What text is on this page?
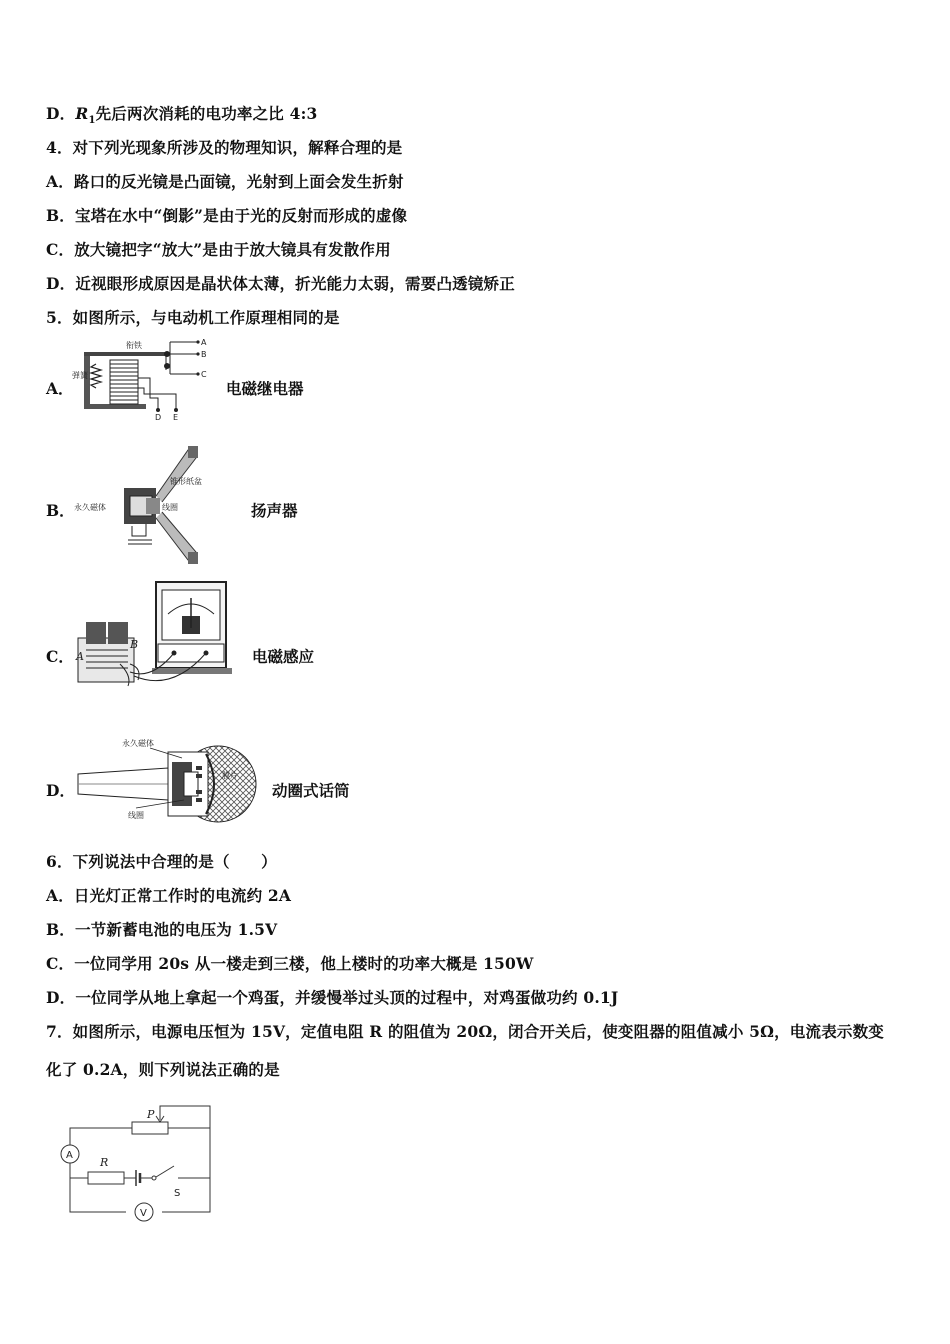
D．$R_1$先后两次消耗的电功率之比 4:3
4．对下列光现象所涉及的物理知识，解释合理的是
A．路口的反光镜是凸面镜，光射到上面会发生折射
B．宝塔在水中“倒影”是由于光的反射而形成的虚像
C．放大镜把字“放大”是由于放大镜具有发散作用
D．近视眼形成原因是晶状体太薄，折光能力太弱，需要凸透镜矫正
5．如图所示，与电动机工作原理相同的是
A．
衔铁
弹簧
A
B
C
D E
电磁继电器
B．
锥形纸盆
永久磁体	线圈	扬声器
C． A
B
电磁感应
D．
永久磁体
膜片
线圈
动圈式话筒
6．下列说法中合理的是（　　）
A．日光灯正常工作时的电流约 2A
B．一节新蓄电池的电压为 1.5V
C．一位同学用 20s 从一楼走到三楼，他上楼时的功率大概是 150W
D．一位同学从地上拿起一个鸡蛋，并缓慢举过头顶的过程中，对鸡蛋做功约 0.1J
7．如图所示，电源电压恒为 15V，定值电阻 R 的阻值为 20Ω，闭合开关后，使变阻器的阻值减小 5Ω，电流表示数变
化了 0.2A，则下列说法正确的是
P
A
R
S
V
